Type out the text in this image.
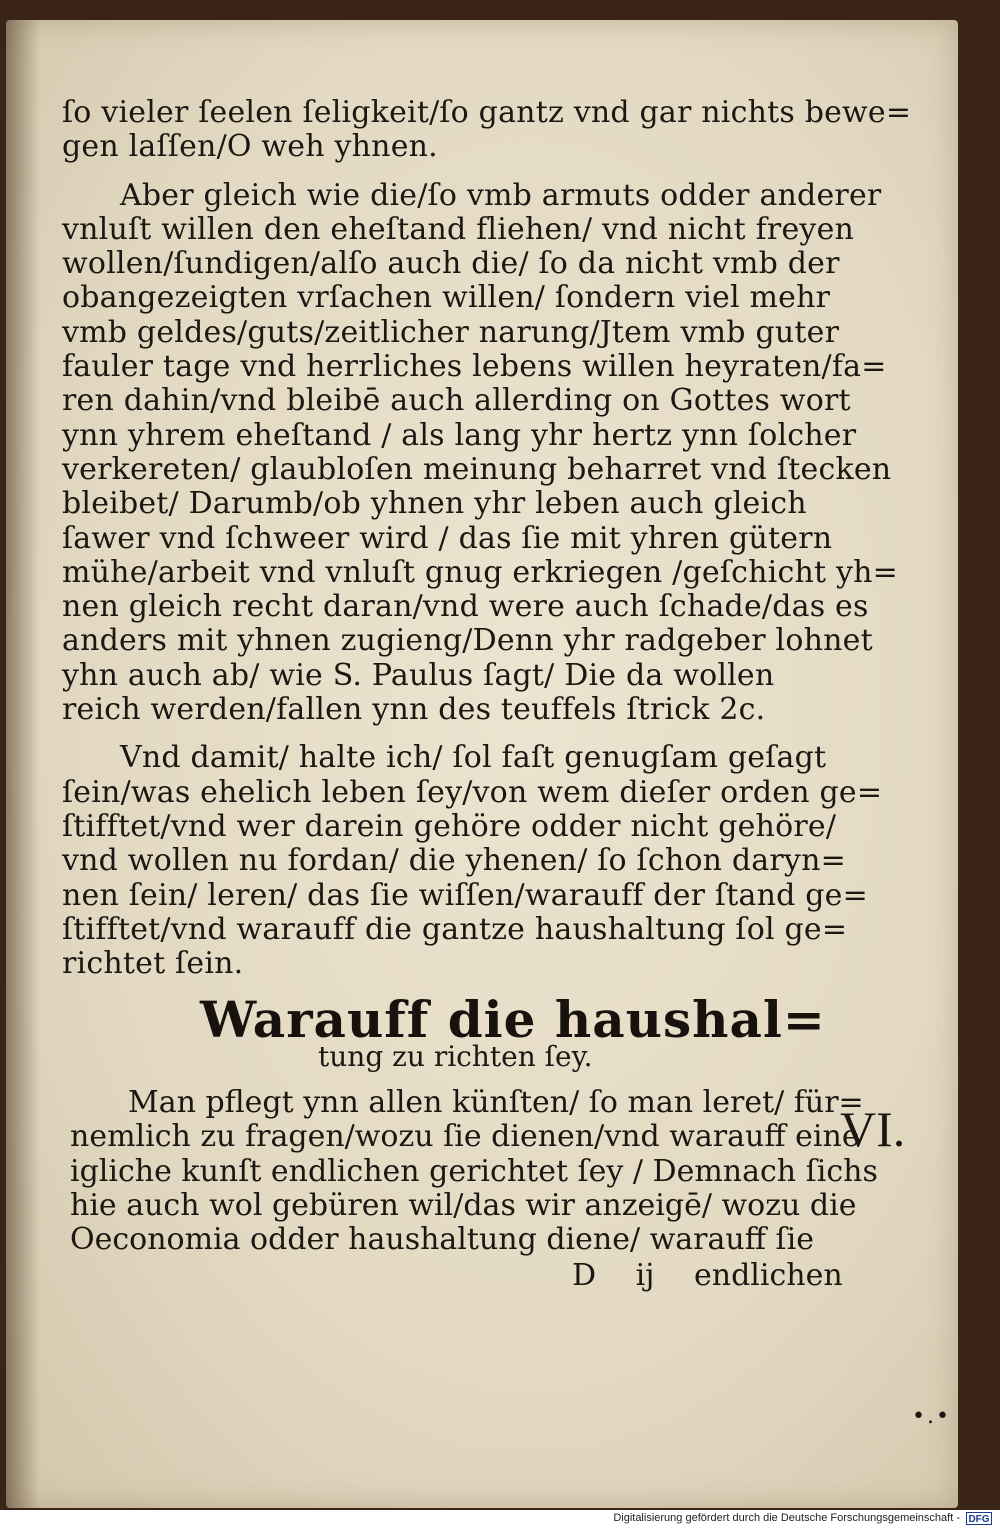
ſo vieler ſeelen ſeligkeit/ſo gantz vnd gar nichts bewe=
gen laſſen/O weh yhnen.
Aber gleich wie die/ſo vmb armuts odder anderer
vnluſt willen den eheſtand fliehen/ vnd nicht freyen
wollen/ſundigen/alſo auch die/ ſo da nicht vmb der
obangezeigten vrſachen willen/ ſondern viel mehr
vmb geldes/guts/zeitlicher narung/Jtem vmb guter
fauler tage vnd herrliches lebens willen heyraten/fa=
ren dahin/vnd bleibē auch allerding on Gottes wort
ynn yhrem eheſtand / als lang yhr hertz ynn ſolcher
verkereten/ glaubloſen meinung beharret vnd ſtecken
bleibet/ Darumb/ob yhnen yhr leben auch gleich
ſawer vnd ſchweer wird / das ſie mit yhren gütern
mühe/arbeit vnd vnluſt gnug erkriegen /geſchicht yh=
nen gleich recht daran/vnd were auch ſchade/das es
anders mit yhnen zugieng/Denn yhr radgeber lohnet
yhn auch ab/ wie S. Paulus ſagt/ Die da wollen
reich werden/fallen ynn des teuffels ſtrick 2c.
Vnd damit/ halte ich/ ſol faſt genugſam geſagt
ſein/was ehelich leben ſey/von wem dieſer orden ge=
ſtifftet/vnd wer darein gehöre odder nicht gehöre/
vnd wollen nu fordan/ die yhenen/ ſo ſchon daryn=
nen ſein/ leren/ das ſie wiſſen/warauff der ſtand ge=
ſtifftet/vnd warauff die gantze haushaltung ſol ge=
richtet ſein.
Warauff die haushal=
tung zu richten ſey.
Man pflegt ynn allen künſten/ ſo man leret/ für=
nemlich zu fragen/wozu ſie dienen/vnd warauff eine
igliche kunſt endlichen gerichtet ſey / Demnach ſichs
hie auch wol gebüren wil/das wir anzeigē/ wozu die
Oeconomia odder haushaltung diene/ warauff ſie
VI.
D ij endlichen
•.•
Digitalisierung gefördert durch die Deutsche Forschungsgemeinschaft - DFG
